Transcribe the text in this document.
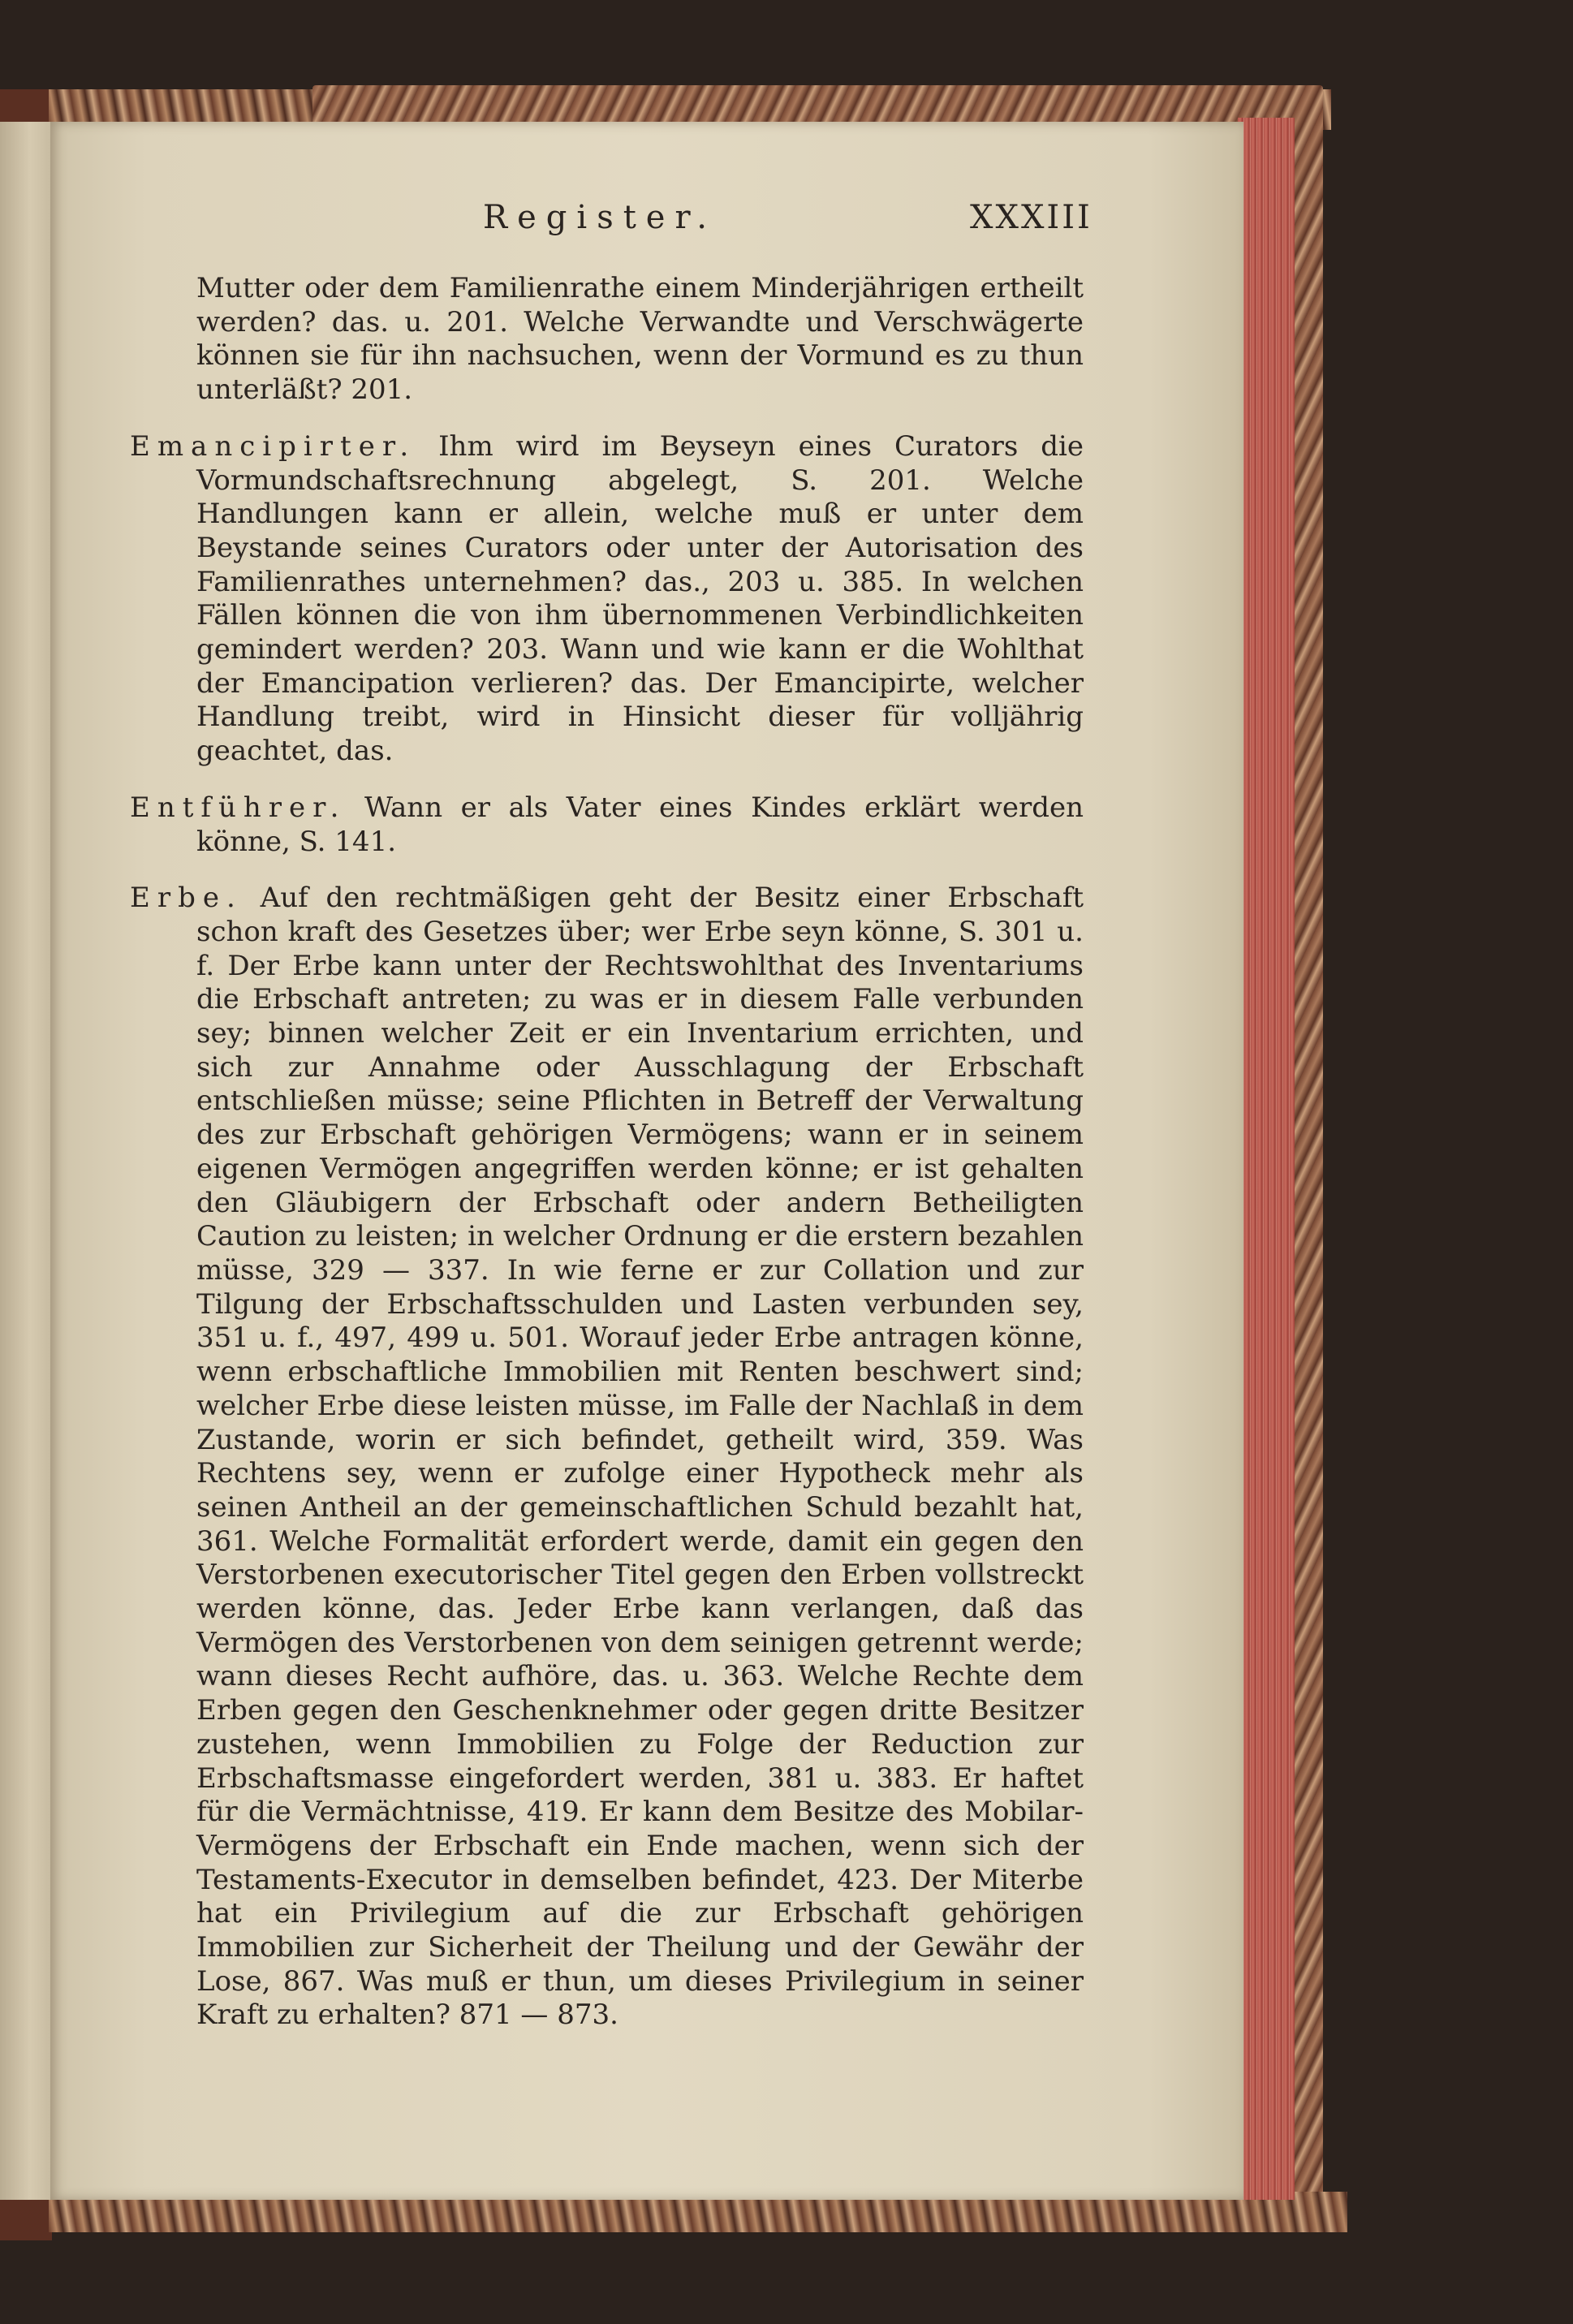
Register.	XXXIII

Mutter oder dem Familienrathe einem Minderjährigen ertheilt werden? das. u. 201. Welche Verwandte und Verschwägerte können sie für ihn nachsuchen, wenn der Vormund es zu thun unterläßt? 201.

Emancipirter. Ihm wird im Beyseyn eines Curators die Vormundschaftsrechnung abgelegt, S. 201. Welche Handlungen kann er allein, welche muß er unter dem Beystande seines Curators oder unter der Autorisation des Familienrathes unternehmen? das., 203 u. 385. In welchen Fällen können die von ihm übernommenen Verbindlichkeiten gemindert werden? 203. Wann und wie kann er die Wohlthat der Emancipation verlieren? das. Der Emancipirte, welcher Handlung treibt, wird in Hinsicht dieser für volljährig geachtet, das.

Entführer. Wann er als Vater eines Kindes erklärt werden könne, S. 141.

Erbe. Auf den rechtmäßigen geht der Besitz einer Erbschaft schon kraft des Gesetzes über; wer Erbe seyn könne, S. 301 u. f. Der Erbe kann unter der Rechtswohlthat des Inventariums die Erbschaft antreten; zu was er in diesem Falle verbunden sey; binnen welcher Zeit er ein Inventarium errichten, und sich zur Annahme oder Ausschlagung der Erbschaft entschließen müsse; seine Pflichten in Betreff der Verwaltung des zur Erbschaft gehörigen Vermögens; wann er in seinem eigenen Vermögen angegriffen werden könne; er ist gehalten den Gläubigern der Erbschaft oder andern Betheiligten Caution zu leisten; in welcher Ordnung er die erstern bezahlen müsse, 329 — 337. In wie ferne er zur Collation und zur Tilgung der Erbschaftsschulden und Lasten verbunden sey, 351 u. f., 497, 499 u. 501. Worauf jeder Erbe antragen könne, wenn erbschaftliche Immobilien mit Renten beschwert sind; welcher Erbe diese leisten müsse, im Falle der Nachlaß in dem Zustande, worin er sich befindet, getheilt wird, 359. Was Rechtens sey, wenn er zufolge einer Hypotheck mehr als seinen Antheil an der gemeinschaftlichen Schuld bezahlt hat, 361. Welche Formalität erfordert werde, damit ein gegen den Verstorbenen executorischer Titel gegen den Erben vollstreckt werden könne, das. Jeder Erbe kann verlangen, daß das Vermögen des Verstorbenen von dem seinigen getrennt werde; wann dieses Recht aufhöre, das. u. 363. Welche Rechte dem Erben gegen den Geschenknehmer oder gegen dritte Besitzer zustehen, wenn Immobilien zu Folge der Reduction zur Erbschaftsmasse eingefordert werden, 381 u. 383. Er haftet für die Vermächtnisse, 419. Er kann dem Besitze des Mobilar-Vermögens der Erbschaft ein Ende machen, wenn sich der Testaments-Executor in demselben befindet, 423. Der Miterbe hat ein Privilegium auf die zur Erbschaft gehörigen Immobilien zur Sicherheit der Theilung und der Gewähr der Lose, 867. Was muß er thun, um dieses Privilegium in seiner Kraft zu erhalten? 871 — 873.
